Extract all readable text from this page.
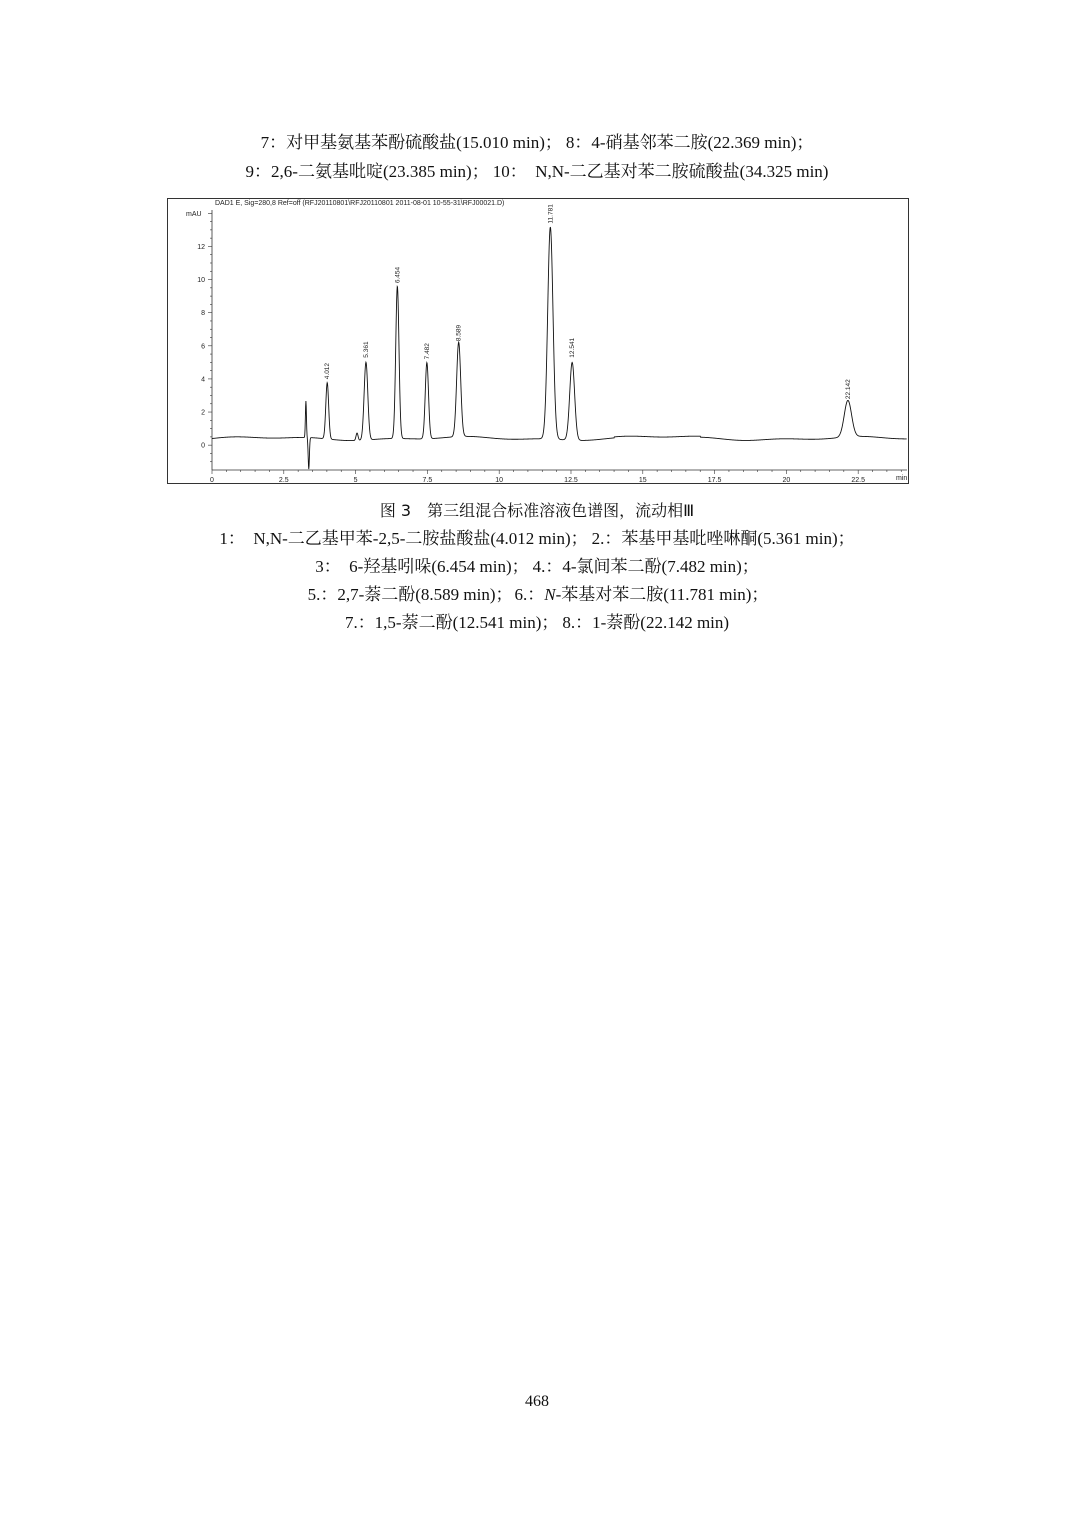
7：对甲基氨基苯酚硫酸盐(15.010 min)； 8：4-硝基邻苯二胺(22.369 min)；
9：2,6-二氨基吡啶(23.385 min)； 10：　N,N-二乙基对苯二胺硫酸盐(34.325 min)
DAD1 E, Sig=280,8 Ref=off (RFJ20110801\RFJ20110801 2011-08-01 10-55-31\RFJ00021.D)
mAU
min
0	2.5	5	7.5	10	12.5	15	17.5	20	22.5
0
2
4
6
8
10
12
4.012
5.361
6.454
7.482
8.589
11.781
12.541
22.142
图 3　第三组混合标准溶液色谱图，流动相Ⅲ
1：　N,N-二乙基甲苯-2,5-二胺盐酸盐(4.012 min)； 2.：苯基甲基吡唑啉酮(5.361 min)；
3：　6-羟基吲哚(6.454 min)； 4.：4-氯间苯二酚(7.482 min)；
5.：2,7-萘二酚(8.589 min)； 6.：N-苯基对苯二胺(11.781 min)；
7.：1,5-萘二酚(12.541 min)； 8.：1-萘酚(22.142 min)
468
